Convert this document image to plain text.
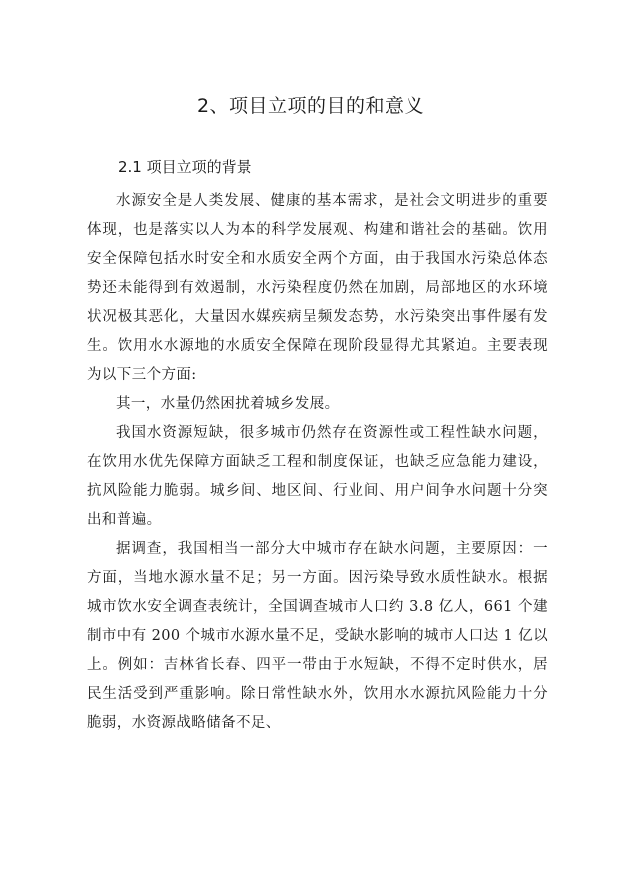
2、项目立项的目的和意义
2.1 项目立项的背景

水源安全是人类发展、健康的基本需求，是社会文明进步的重要体现，也是落实以人为本的科学发展观、构建和谐社会的基础。饮用安全保障包括水时安全和水质安全两个方面，由于我国水污染总体态势还未能得到有效遏制，水污染程度仍然在加剧，局部地区的水环境状况极其恶化，大量因水媒疾病呈频发态势，水污染突出事件屡有发生。饮用水水源地的水质安全保障在现阶段显得尤其紧迫。主要表现为以下三个方面:

其一，水量仍然困扰着城乡发展。

我国水资源短缺，很多城市仍然存在资源性或工程性缺水问题，在饮用水优先保障方面缺乏工程和制度保证，也缺乏应急能力建设，抗风险能力脆弱。城乡间、地区间、行业间、用户间争水问题十分突出和普遍。

据调查，我国相当一部分大中城市存在缺水问题，主要原因：一方面，当地水源水量不足；另一方面。因污染导致水质性缺水。根据城市饮水安全调查表统计，全国调查城市人口约 3.8 亿人，661 个建制市中有 200 个城市水源水量不足，受缺水影响的城市人口达 1 亿以上。例如：吉林省长春、四平一带由于水短缺，不得不定时供水，居民生活受到严重影响。除日常性缺水外，饮用水水源抗风险能力十分脆弱，水资源战略储备不足、
